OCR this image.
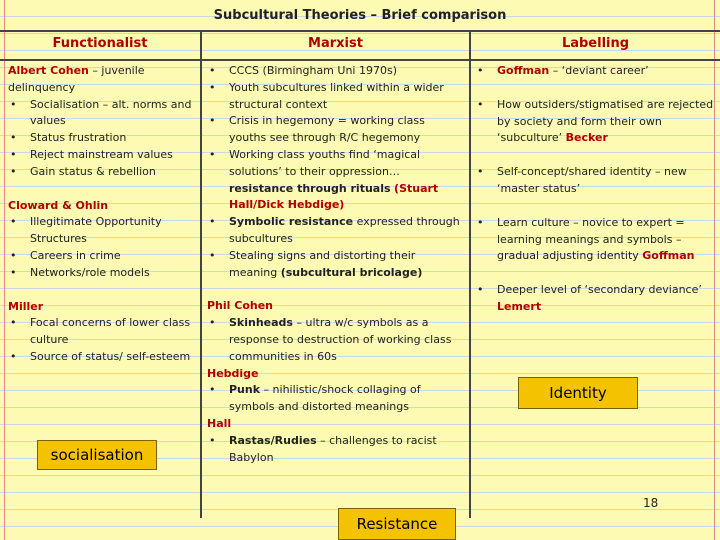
Subcultural Theories – Brief comparison
Functionalist	Marxist	Labelling
Albert Cohen – juvenile delinquency
• Socialisation – alt. norms and values
• Status frustration
• Reject mainstream values
• Gain status & rebellion
Cloward & Ohlin
• Illegitimate Opportunity Structures
• Careers in crime
• Networks/role models
Miller
• Focal concerns of lower class culture
• Source of status/ self-esteem
• CCCS (Birmingham Uni 1970s)
• Youth subcultures linked within a wider structural context
• Crisis in hegemony = working class youths see through R/C hegemony
• Working class youths find ‘magical solutions’ to their oppression…resistance through rituals (Stuart Hall/Dick Hebdige)
• Symbolic resistance expressed through subcultures
• Stealing signs and distorting their meaning (subcultural bricolage)
Phil Cohen
• Skinheads – ultra w/c symbols as a response to destruction of working class communities in 60s
Hebdige
• Punk – nihilistic/shock collaging of symbols and distorted meanings
Hall
• Rastas/Rudies – challenges to racist Babylon
• Goffman – ‘deviant career’
• How outsiders/stigmatised are rejected by society and form their own ‘subculture’ Becker
• Self-concept/shared identity – new ‘master status’
• Learn culture – novice to expert = learning meanings and symbols – gradual adjusting identity Goffman
• Deeper level of ‘secondary deviance’ Lemert
socialisation
Identity
Resistance
18
